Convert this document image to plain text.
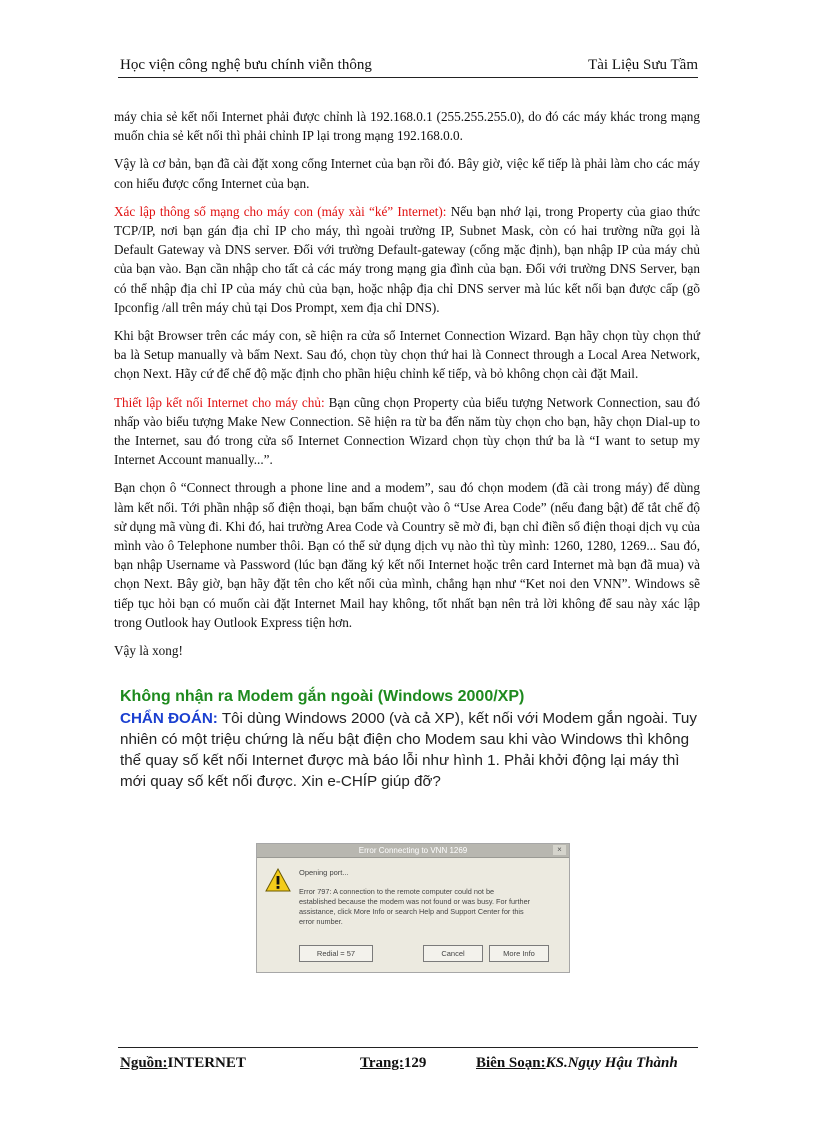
Học viện công nghệ bưu chính viễn thông	Tài Liệu Sưu Tầm

máy chia sẻ kết nối Internet phải được chỉnh là 192.168.0.1 (255.255.255.0), do đó các máy khác trong mạng muốn chia sẻ kết nối thì phải chỉnh IP lại trong mạng 192.168.0.0.

Vậy là cơ bản, bạn đã cài đặt xong cổng Internet của bạn rồi đó. Bây giờ, việc kế tiếp là phải làm cho các máy con hiểu được cổng Internet của bạn.

Xác lập thông số mạng cho máy con (máy xài “ké” Internet): Nếu bạn nhớ lại, trong Property của giao thức TCP/IP, nơi bạn gán địa chỉ IP cho máy, thì ngoài trường IP, Subnet Mask, còn có hai trường nữa gọi là Default Gateway và DNS server. Đối với trường Default-gateway (cổng mặc định), bạn nhập IP của máy chủ của bạn vào. Bạn cần nhập cho tất cả các máy trong mạng gia đình của bạn. Đối với trường DNS Server, bạn có thể nhập địa chỉ IP của máy chủ của bạn, hoặc nhập địa chỉ DNS server mà lúc kết nối bạn được cấp (gõ Ipconfig /all trên máy chủ tại Dos Prompt, xem địa chỉ DNS).

Khi bật Browser trên các máy con, sẽ hiện ra cửa sổ Internet Connection Wizard. Bạn hãy chọn tùy chọn thứ ba là Setup manually và bấm Next. Sau đó, chọn tùy chọn thứ hai là Connect through a Local Area Network, chọn Next. Hãy cứ để chế độ mặc định cho phần hiệu chỉnh kế tiếp, và bỏ không chọn cài đặt Mail.

Thiết lập kết nối Internet cho máy chủ: Bạn cũng chọn Property của biểu tượng Network Connection, sau đó nhấp vào biểu tượng Make New Connection. Sẽ hiện ra từ ba đến năm tùy chọn cho bạn, hãy chọn Dial-up to the Internet, sau đó trong cửa sổ Internet Connection Wizard chọn tùy chọn thứ ba là “I want to setup my Internet Account manually...”.

Bạn chọn ô “Connect through a phone line and a modem”, sau đó chọn modem (đã cài trong máy) để dùng làm kết nối. Tới phần nhập số điện thoại, bạn bấm chuột vào ô “Use Area Code” (nếu đang bật) để tắt chế độ sử dụng mã vùng đi. Khi đó, hai trường Area Code và Country sẽ mờ đi, bạn chỉ điền số điện thoại dịch vụ của mình vào ô Telephone number thôi. Bạn có thể sử dụng dịch vụ nào thì tùy mình: 1260, 1280, 1269... Sau đó, bạn nhập Username và Password (lúc bạn đăng ký kết nối Internet hoặc trên card Internet mà bạn đã mua) và chọn Next. Bây giờ, bạn hãy đặt tên cho kết nối của mình, chẳng hạn như “Ket noi den VNN”. Windows sẽ tiếp tục hỏi bạn có muốn cài đặt Internet Mail hay không, tốt nhất bạn nên trả lời không để sau này xác lập trong Outlook hay Outlook Express tiện hơn.

Vậy là xong!

Không nhận ra Modem gắn ngoài (Windows 2000/XP)
CHẨN ĐOÁN: Tôi dùng Windows 2000 (và cả XP), kết nối với Modem gắn ngoài. Tuy nhiên có một triệu chứng là nếu bật điện cho Modem sau khi vào Windows thì không thể quay số kết nối Internet được mà báo lỗi như hình 1. Phải khởi động lại máy thì mới quay số kết nối được. Xin e-CHÍP giúp đỡ?
Error Connecting to VNN 1269	×
Opening port...
Error 797: A connection to the remote computer could not be established because the modem was not found or was busy. For further assistance, click More Info or search Help and Support Center for this error number.
Redial = 57	Cancel	More Info
Nguồn:INTERNET	Trang:129	Biên Soạn:KS.Ngụy Hậu Thành
